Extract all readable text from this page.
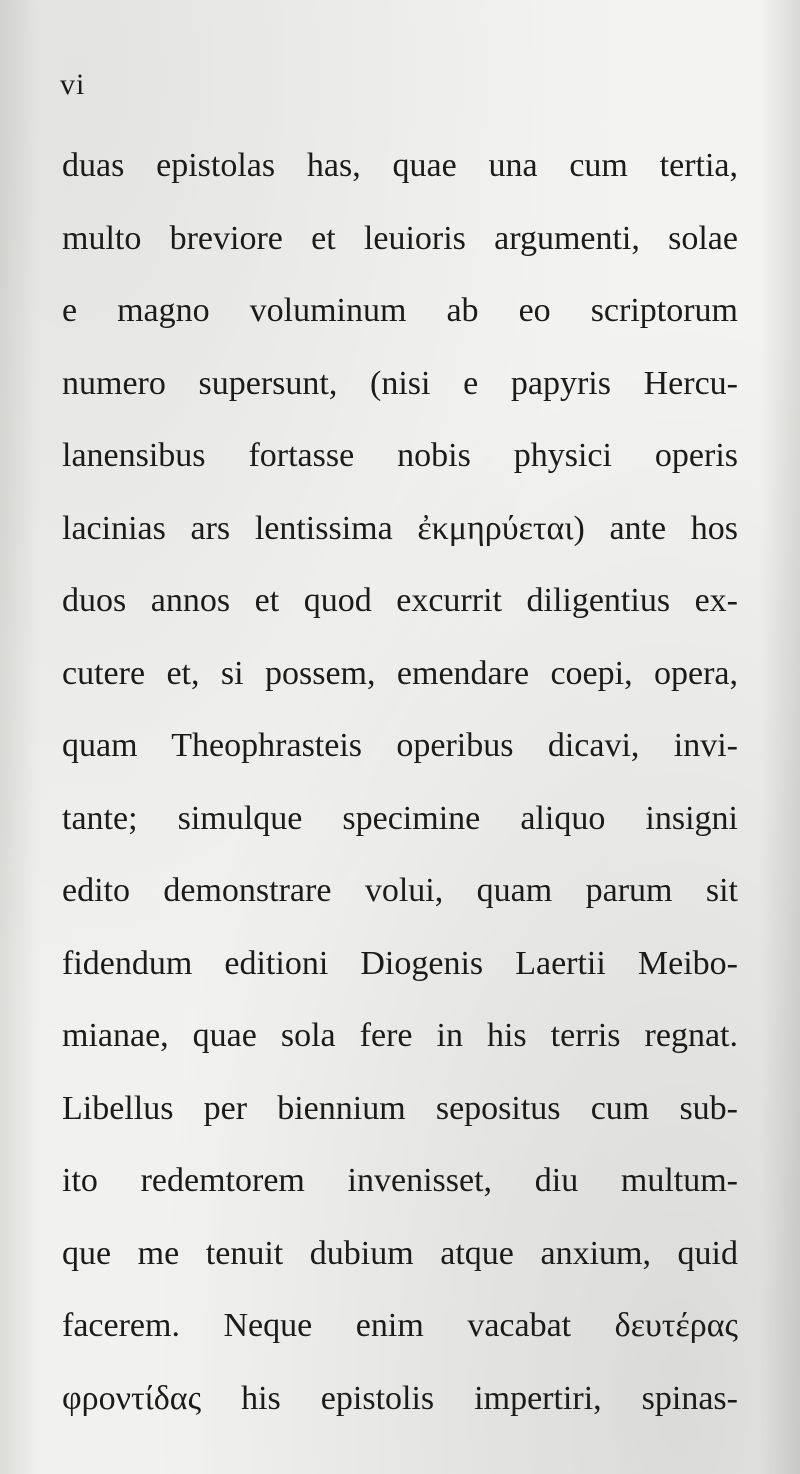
vi
duas epistolas has, quae una cum tertia,
multo breviore et leuioris argumenti, solae
e magno voluminum ab eo scriptorum
numero supersunt, (nisi e papyris Hercu-
lanensibus fortasse nobis physici operis
lacinias ars lentissima ἐκμηρύεται) ante hos
duos annos et quod excurrit diligentius ex-
cutere et, si possem, emendare coepi, opera,
quam Theophrasteis operibus dicavi, invi-
tante; simulque specimine aliquo insigni
edito demonstrare volui, quam parum sit
fidendum editioni Diogenis Laertii Meibo-
mianae, quae sola fere in his terris regnat.
Libellus per biennium sepositus cum sub-
ito redemtorem invenisset, diu multum-
que me tenuit dubium atque anxium, quid
facerem. Neque enim vacabat δευτέρας
φροντίδας his epistolis impertiri, spinas-
